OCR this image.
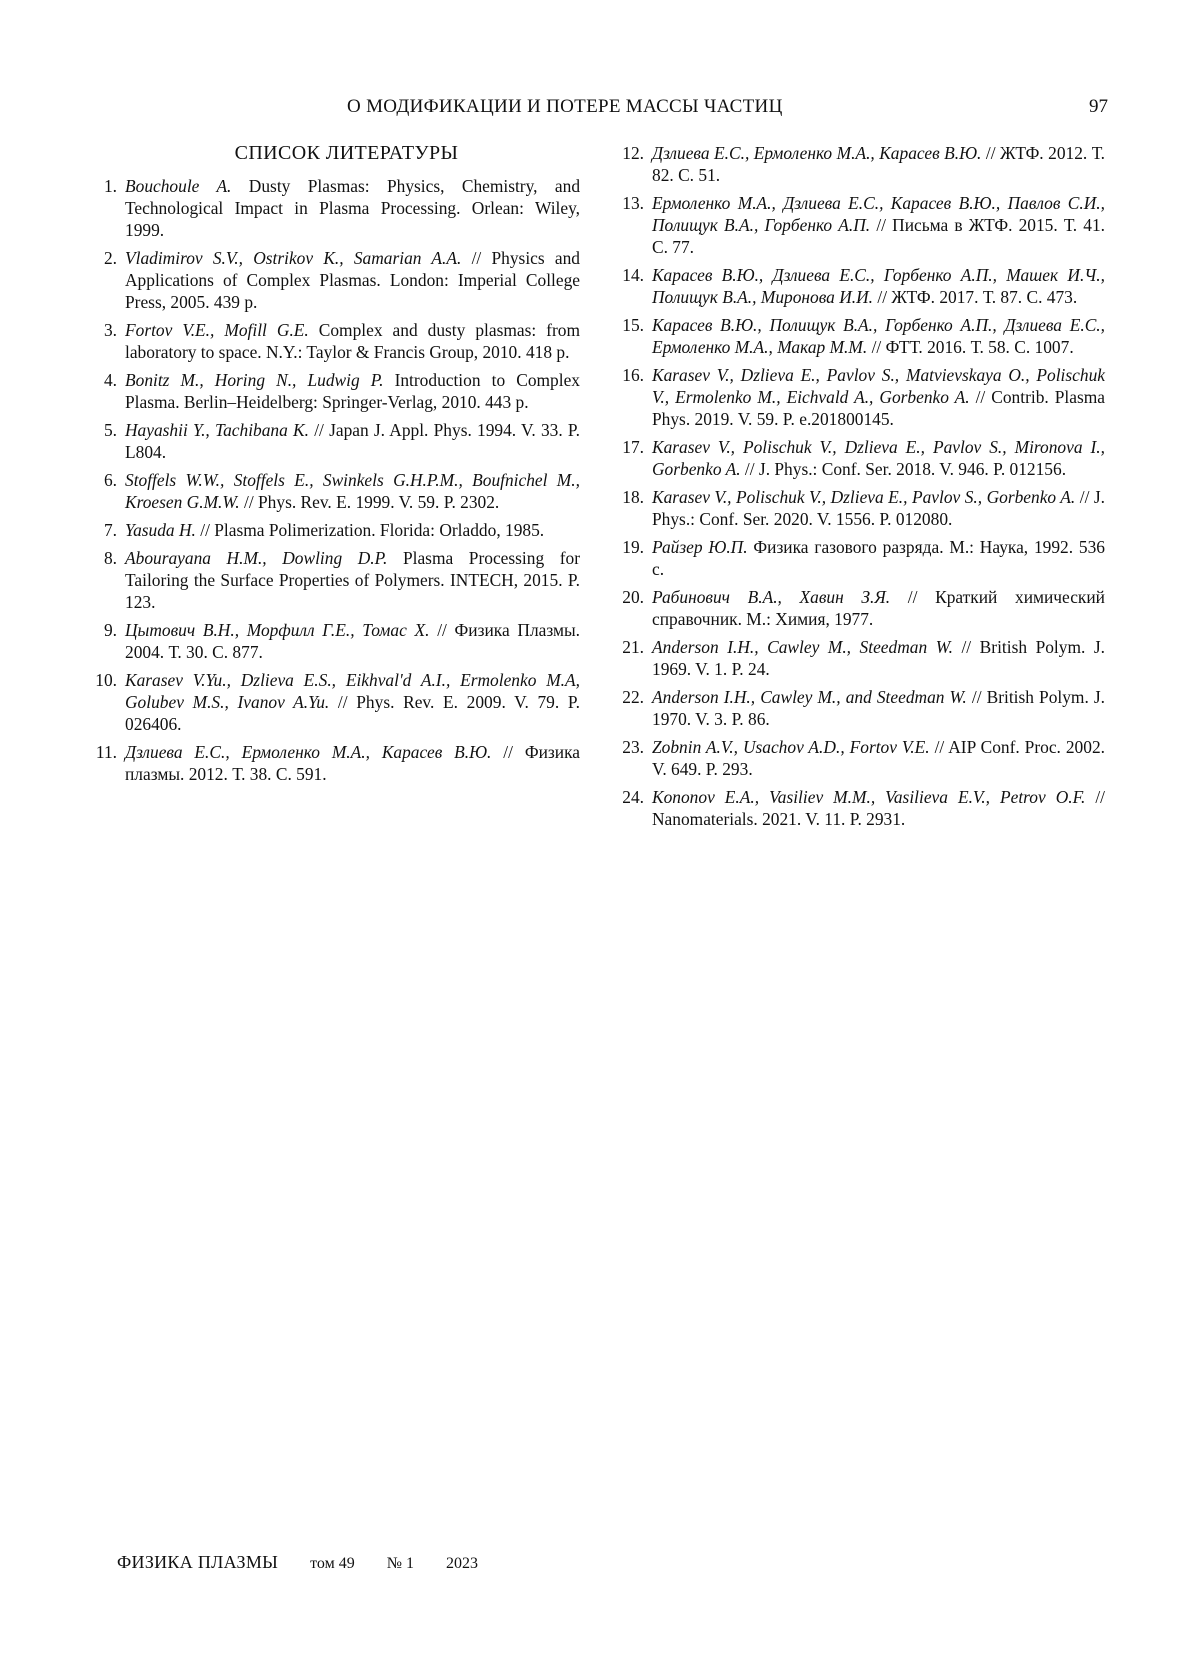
О МОДИФИКАЦИИ И ПОТЕРЕ МАССЫ ЧАСТИЦ	97
СПИСОК ЛИТЕРАТУРЫ
1. Bouchoule A. Dusty Plasmas: Physics, Chemistry, and Technological Impact in Plasma Processing. Orlean: Wiley, 1999.
2. Vladimirov S.V., Ostrikov K., Samarian A.A. // Physics and Applications of Complex Plasmas. London: Imperial College Press, 2005. 439 p.
3. Fortov V.E., Mofill G.E. Complex and dusty plasmas: from laboratory to space. N.Y.: Taylor & Francis Group, 2010. 418 p.
4. Bonitz M., Horing N., Ludwig P. Introduction to Complex Plasma. Berlin–Heidelberg: Springer-Verlag, 2010. 443 p.
5. Hayashii Y., Tachibana K. // Japan J. Appl. Phys. 1994. V. 33. P. L804.
6. Stoffels W.W., Stoffels E., Swinkels G.H.P.M., Boufnichel M., Kroesen G.M.W. // Phys. Rev. E. 1999. V. 59. P. 2302.
7. Yasuda H. // Plasma Polimerization. Florida: Orladdo, 1985.
8. Abourayana H.M., Dowling D.P. Plasma Processing for Tailoring the Surface Properties of Polymers. INTECH, 2015. P. 123.
9. Цытович В.Н., Морфилл Г.Е., Томас Х. // Физика Плазмы. 2004. Т. 30. С. 877.
10. Karasev V.Yu., Dzlieva E.S., Eikhval'd A.I., Ermolenko M.A, Golubev M.S., Ivanov A.Yu. // Phys. Rev. E. 2009. V. 79. P. 026406.
11. Дзлиева Е.С., Ермоленко М.А., Карасев В.Ю. // Физика плазмы. 2012. Т. 38. С. 591.
12. Дзлиева Е.С., Ермоленко М.А., Карасев В.Ю. // ЖТФ. 2012. Т. 82. С. 51.
13. Ермоленко М.А., Дзлиева Е.С., Карасев В.Ю., Павлов С.И., Полищук В.А., Горбенко А.П. // Письма в ЖТФ. 2015. Т. 41. С. 77.
14. Карасев В.Ю., Дзлиева Е.С., Горбенко А.П., Машек И.Ч., Полищук В.А., Миронова И.И. // ЖТФ. 2017. Т. 87. С. 473.
15. Карасев В.Ю., Полищук В.А., Горбенко А.П., Дзлиева Е.С., Ермоленко М.А., Макар М.М. // ФТТ. 2016. Т. 58. С. 1007.
16. Karasev V., Dzlieva E., Pavlov S., Matvievskaya O., Polischuk V., Ermolenko M., Eichvald A., Gorbenko A. // Contrib. Plasma Phys. 2019. V. 59. P. e.201800145.
17. Karasev V., Polischuk V., Dzlieva E., Pavlov S., Mironova I., Gorbenko A. // J. Phys.: Conf. Ser. 2018. V. 946. P. 012156.
18. Karasev V., Polischuk V., Dzlieva E., Pavlov S., Gorbenko A. // J. Phys.: Conf. Ser. 2020. V. 1556. P. 012080.
19. Райзер Ю.П. Физика газового разряда. М.: Наука, 1992. 536 с.
20. Рабинович В.А., Хавин З.Я. // Краткий химический справочник. М.: Химия, 1977.
21. Anderson I.H., Cawley M., Steedman W. // British Polym. J. 1969. V. 1. P. 24.
22. Anderson I.H., Cawley M., and Steedman W. // British Polym. J. 1970. V. 3. P. 86.
23. Zobnin A.V., Usachov A.D., Fortov V.E. // AIP Conf. Proc. 2002. V. 649. P. 293.
24. Kononov E.A., Vasiliev M.M., Vasilieva E.V., Petrov O.F. // Nanomaterials. 2021. V. 11. P. 2931.
ФИЗИКА ПЛАЗМЫ том 49 № 1 2023
